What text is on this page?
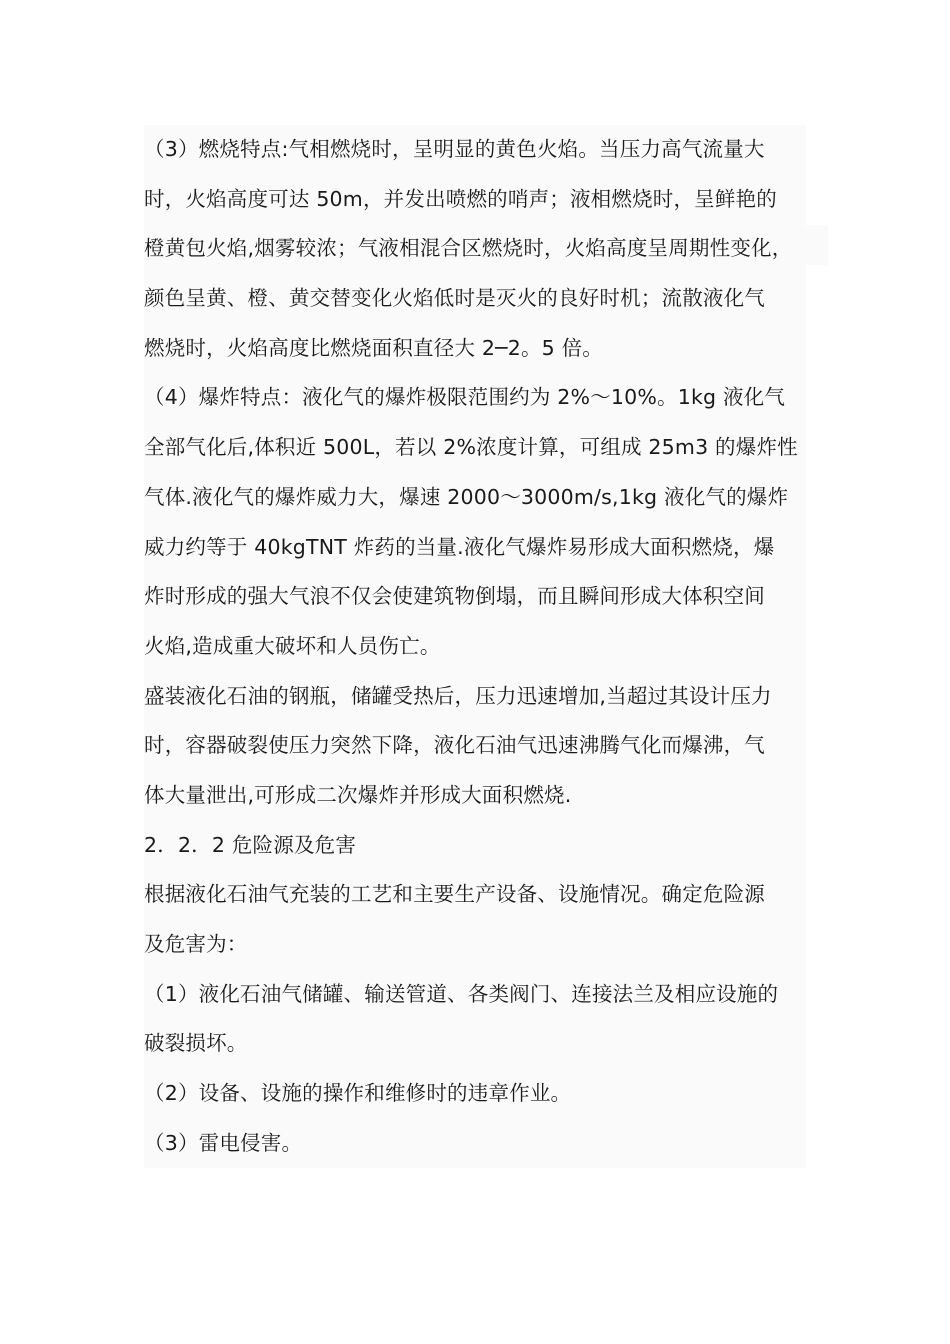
（3）燃烧特点:气相燃烧时，呈明显的黄色火焰。当压力高气流量大
时，火焰高度可达 50m，并发出喷燃的哨声；液相燃烧时，呈鲜艳的
橙黄包火焰,烟雾较浓；气液相混合区燃烧时，火焰高度呈周期性变化，
颜色呈黄、橙、黄交替变化火焰低时是灭火的良好时机；流散液化气
燃烧时，火焰高度比燃烧面积直径大 2─2。5 倍。
（4）爆炸特点：液化气的爆炸极限范围约为 2%～10%。1kg 液化气
全部气化后,体积近 500L，若以 2%浓度计算，可组成 25m3 的爆炸性
气体.液化气的爆炸威力大，爆速 2000～3000m/s,1kg 液化气的爆炸
威力约等于 40kgTNT 炸药的当量.液化气爆炸易形成大面积燃烧，爆
炸时形成的强大气浪不仅会使建筑物倒塌，而且瞬间形成大体积空间
火焰,造成重大破坏和人员伤亡。
盛装液化石油的钢瓶，储罐受热后，压力迅速增加,当超过其设计压力
时，容器破裂使压力突然下降，液化石油气迅速沸腾气化而爆沸，气
体大量泄出,可形成二次爆炸并形成大面积燃烧.
2．2．2 危险源及危害
根据液化石油气充装的工艺和主要生产设备、设施情况。确定危险源
及危害为：
（1）液化石油气储罐、输送管道、各类阀门、连接法兰及相应设施的
破裂损坏。
（2）设备、设施的操作和维修时的违章作业。
（3）雷电侵害。
